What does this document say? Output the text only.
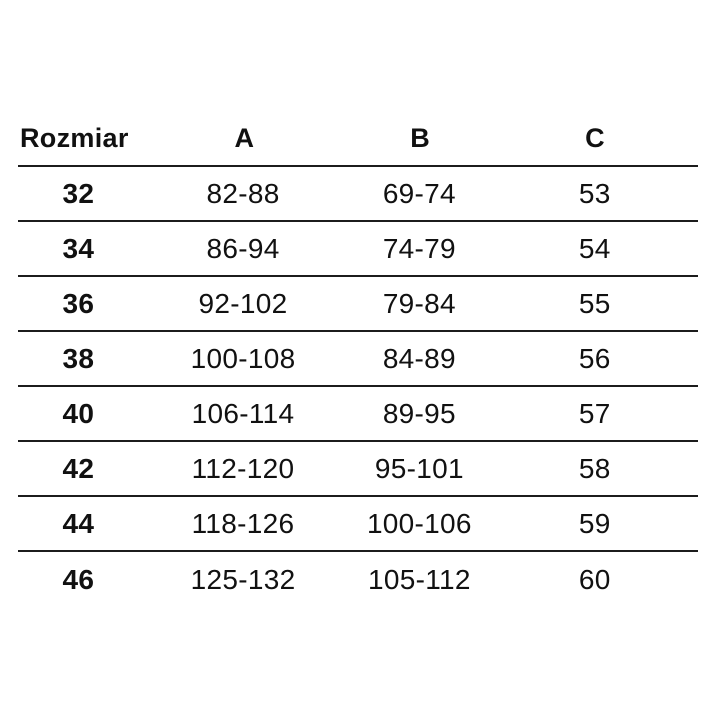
Rozmiar	A	B	C
32	82-88	69-74	53
34	86-94	74-79	54
36	92-102	79-84	55
38	100-108	84-89	56
40	106-114	89-95	57
42	112-120	95-101	58
44	118-126	100-106	59
46	125-132	105-112	60
